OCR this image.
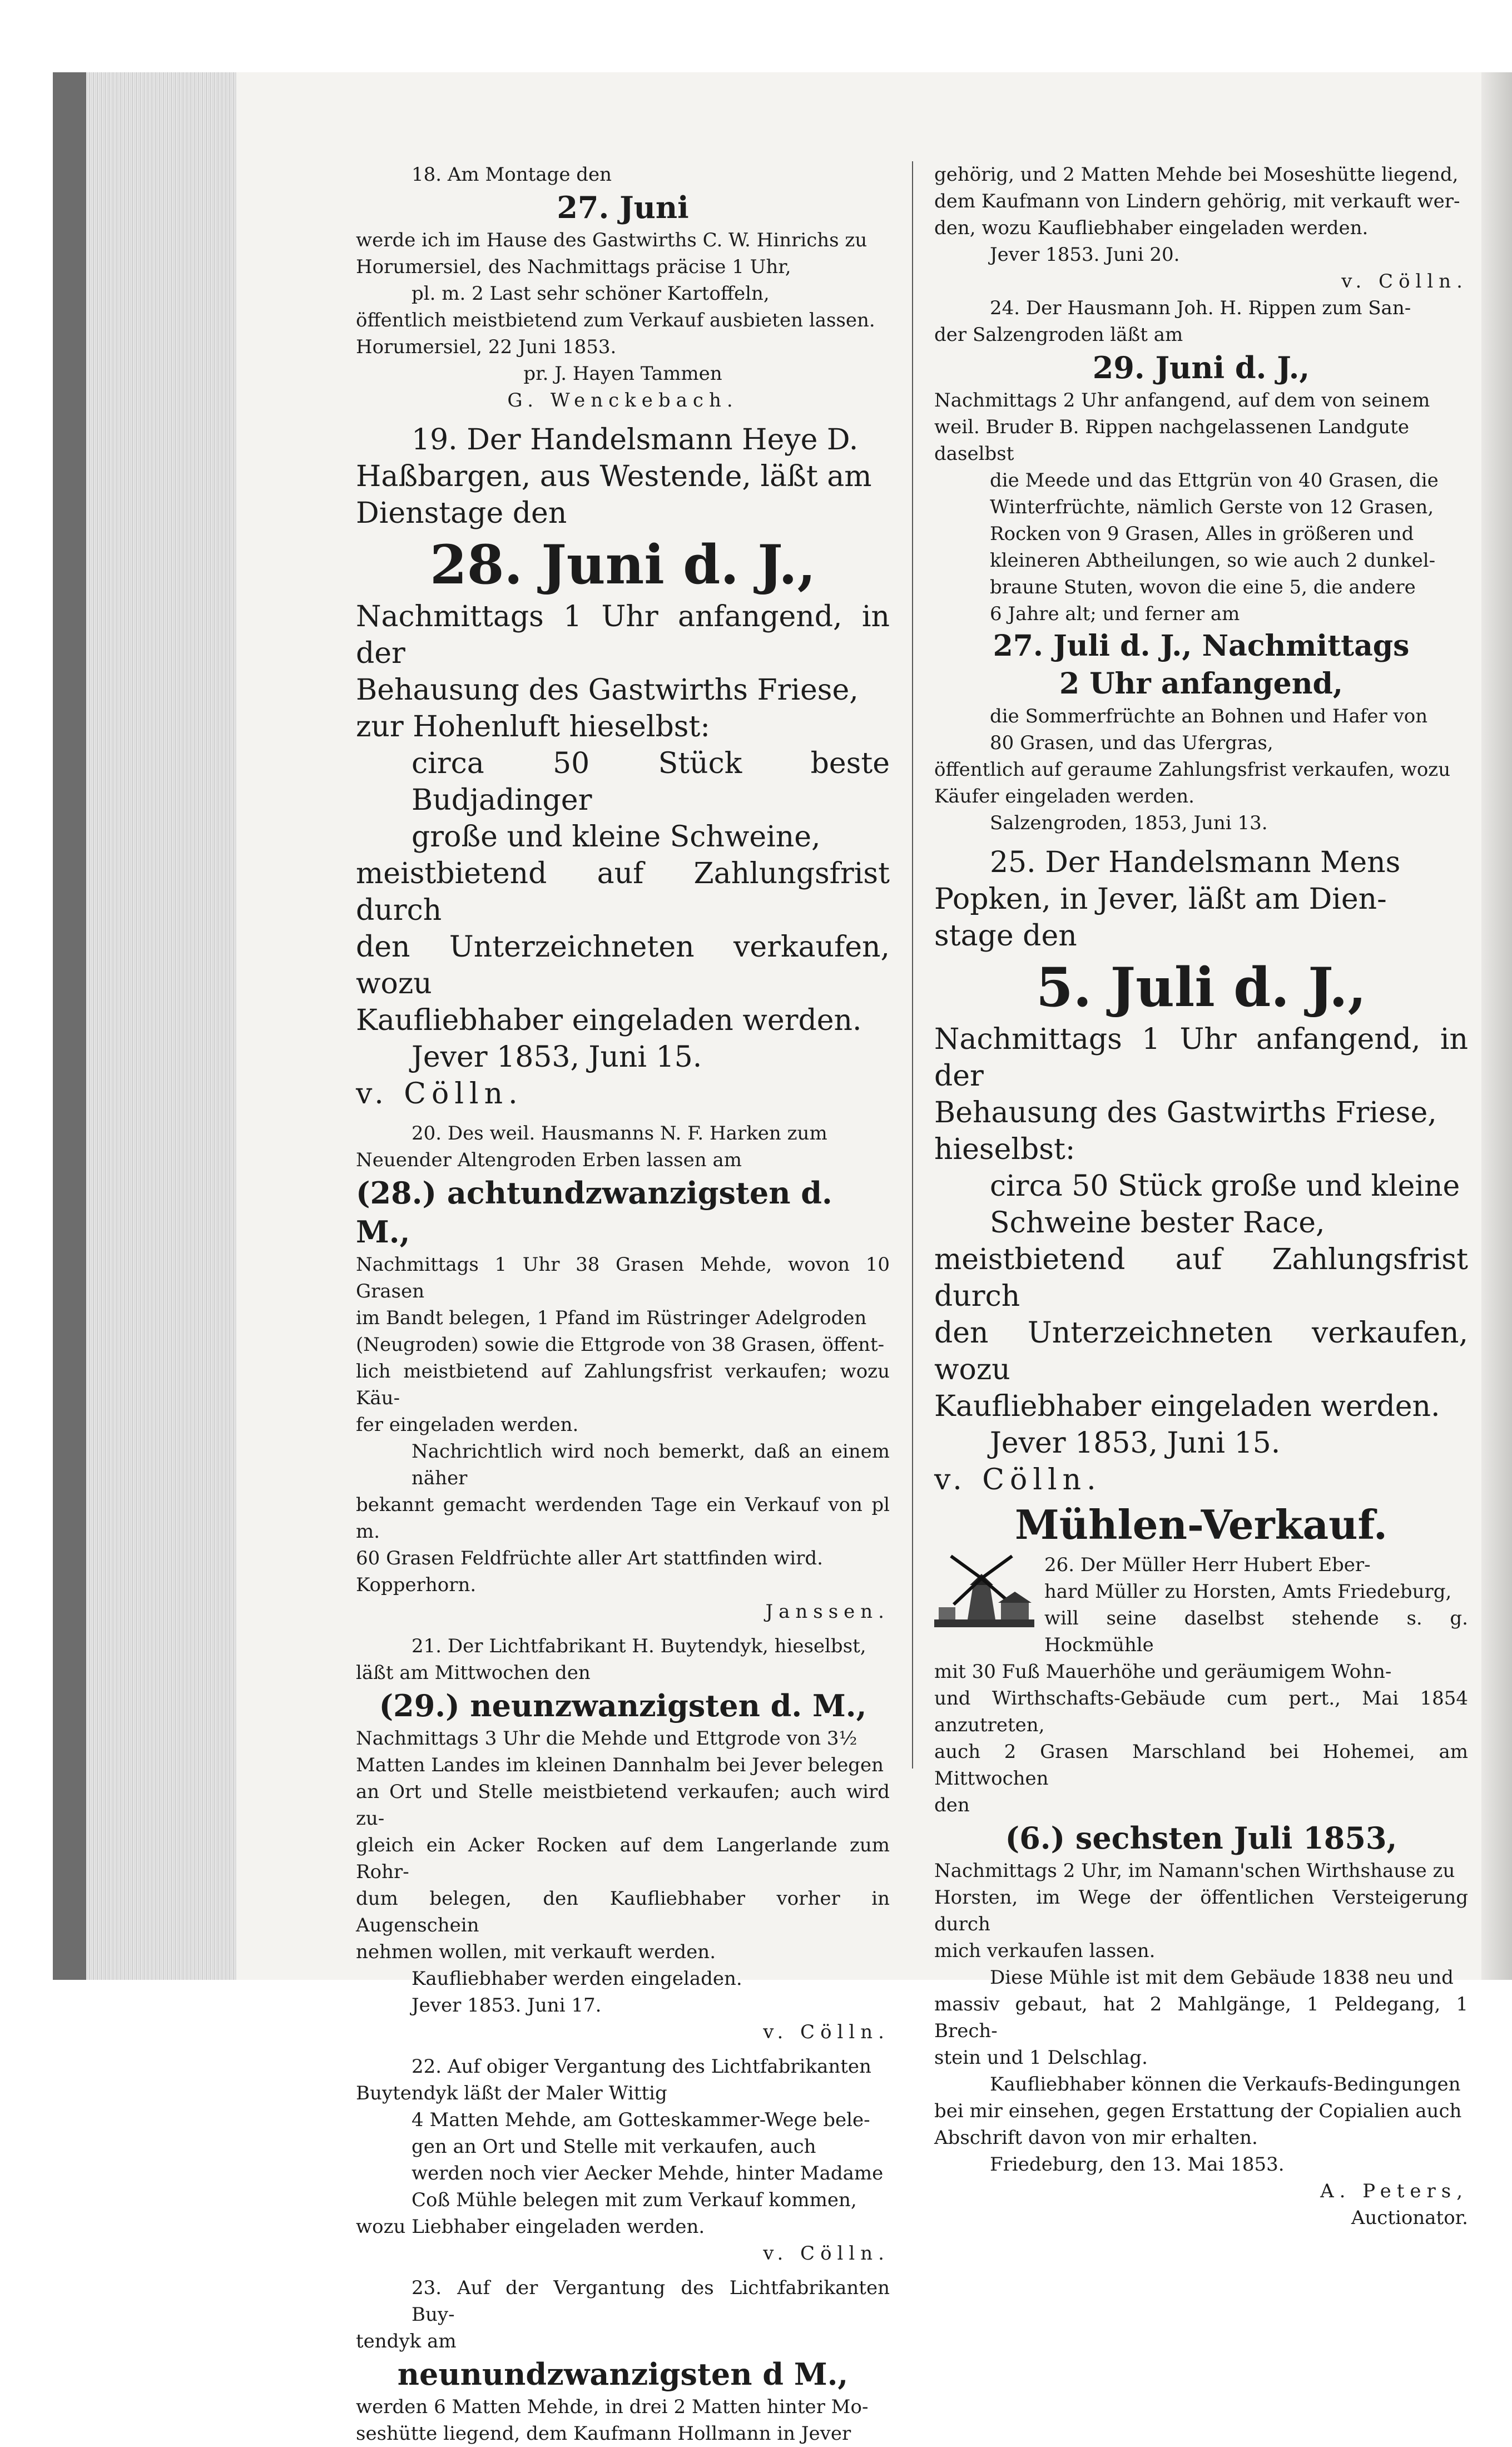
18. Am Montage den

27. Juni

werde ich im Hause des Gastwirths C. W. Hinrichs zu

Horumersiel, des Nachmittags präcise 1 Uhr,

pl. m. 2 Last sehr schöner Kartoffeln,

öffentlich meistbietend zum Verkauf ausbieten lassen.

Horumersiel, 22 Juni 1853.

pr. J. Hayen Tammen

G. Wenckebach.

19. Der Handelsmann Heye D.

Haßbargen, aus Westende, läßt am

Dienstage den

28. Juni d. J.,

Nachmittags 1 Uhr anfangend, in der

Behausung des Gastwirths Friese,

zur Hohenluft hieselbst:

circa 50 Stück beste Budjadinger

große und kleine Schweine,

meistbietend auf Zahlungsfrist durch

den Unterzeichneten verkaufen, wozu

Kaufliebhaber eingeladen werden.

Jever 1853, Juni 15.

v. Cölln.

20. Des weil. Hausmanns N. F. Harken zum

Neuender Altengroden Erben lassen am

(28.) achtundzwanzigsten d. M.,

Nachmittags 1 Uhr 38 Grasen Mehde, wovon 10 Grasen

im Bandt belegen, 1 Pfand im Rüstringer Adelgroden

(Neugroden) sowie die Ettgrode von 38 Grasen, öffent-

lich meistbietend auf Zahlungsfrist verkaufen; wozu Käu-

fer eingeladen werden.

Nachrichtlich wird noch bemerkt, daß an einem näher

bekannt gemacht werdenden Tage ein Verkauf von pl m.

60 Grasen Feldfrüchte aller Art stattfinden wird.

Kopperhorn.

Janssen.

21. Der Lichtfabrikant H. Buytendyk, hieselbst,

läßt am Mittwochen den

(29.) neunzwanzigsten d. M.,

Nachmittags 3 Uhr die Mehde und Ettgrode von 3½

Matten Landes im kleinen Dannhalm bei Jever belegen

an Ort und Stelle meistbietend verkaufen; auch wird zu-

gleich ein Acker Rocken auf dem Langerlande zum Rohr-

dum belegen, den Kaufliebhaber vorher in Augenschein

nehmen wollen, mit verkauft werden.

Kaufliebhaber werden eingeladen.

Jever 1853. Juni 17.

v. Cölln.

22. Auf obiger Vergantung des Lichtfabrikanten

Buytendyk läßt der Maler Wittig

4 Matten Mehde, am Gotteskammer-Wege bele-

gen an Ort und Stelle mit verkaufen, auch

werden noch vier Aecker Mehde, hinter Madame

Coß Mühle belegen mit zum Verkauf kommen,

wozu Liebhaber eingeladen werden.

v. Cölln.

23. Auf der Vergantung des Lichtfabrikanten Buy-

tendyk am

neunundzwanzigsten d M.,

werden 6 Matten Mehde, in drei 2 Matten hinter Mo-

seshütte liegend, dem Kaufmann Hollmann in Jever

gehörig, und 2 Matten Mehde bei Moseshütte liegend,

dem Kaufmann von Lindern gehörig, mit verkauft wer-

den, wozu Kaufliebhaber eingeladen werden.

Jever 1853. Juni 20.

v. Cölln.

24. Der Hausmann Joh. H. Rippen zum San-

der Salzengroden läßt am

29. Juni d. J.,

Nachmittags 2 Uhr anfangend, auf dem von seinem

weil. Bruder B. Rippen nachgelassenen Landgute

daselbst

die Meede und das Ettgrün von 40 Grasen, die

Winterfrüchte, nämlich Gerste von 12 Grasen,

Rocken von 9 Grasen, Alles in größeren und

kleineren Abtheilungen, so wie auch 2 dunkel-

braune Stuten, wovon die eine 5, die andere

6 Jahre alt; und ferner am

27. Juli d. J., Nachmittags

2 Uhr anfangend,

die Sommerfrüchte an Bohnen und Hafer von

80 Grasen, und das Ufergras,

öffentlich auf geraume Zahlungsfrist verkaufen, wozu

Käufer eingeladen werden.

Salzengroden, 1853, Juni 13.

25. Der Handelsmann Mens

Popken, in Jever, läßt am Dien-

stage den

5. Juli d. J.,

Nachmittags 1 Uhr anfangend, in der

Behausung des Gastwirths Friese,

hieselbst:

circa 50 Stück große und kleine

Schweine bester Race,

meistbietend auf Zahlungsfrist durch

den Unterzeichneten verkaufen, wozu

Kaufliebhaber eingeladen werden.

Jever 1853, Juni 15.

v. Cölln.

Mühlen-Verkauf.

26. Der Müller Herr Hubert Eber-

hard Müller zu Horsten, Amts Friedeburg,

will seine daselbst stehende s. g. Hockmühle

mit 30 Fuß Mauerhöhe und geräumigem Wohn-

und Wirthschafts-Gebäude cum pert., Mai 1854 anzutreten,

auch 2 Grasen Marschland bei Hohemei, am Mittwochen

den

(6.) sechsten Juli 1853,

Nachmittags 2 Uhr, im Namann'schen Wirthshause zu

Horsten, im Wege der öffentlichen Versteigerung durch

mich verkaufen lassen.

Diese Mühle ist mit dem Gebäude 1838 neu und

massiv gebaut, hat 2 Mahlgänge, 1 Peldegang, 1 Brech-

stein und 1 Delschlag.

Kaufliebhaber können die Verkaufs-Bedingungen

bei mir einsehen, gegen Erstattung der Copialien auch

Abschrift davon von mir erhalten.

Friedeburg, den 13. Mai 1853.

A. Peters,

Auctionator.
